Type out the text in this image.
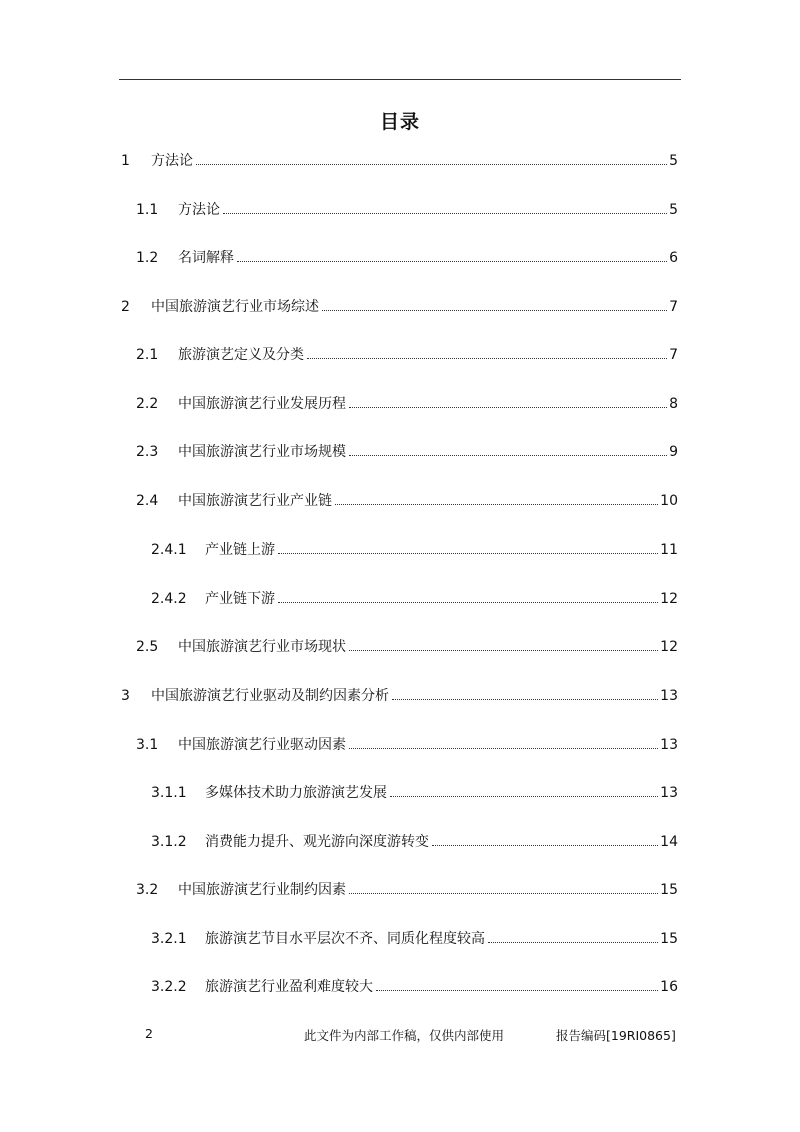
目录
1	方法论	5
1.1	方法论	5
1.2	名词解释	6
2	中国旅游演艺行业市场综述	7
2.1	旅游演艺定义及分类	7
2.2	中国旅游演艺行业发展历程	8
2.3	中国旅游演艺行业市场规模	9
2.4	中国旅游演艺行业产业链	10
2.4.1	产业链上游	11
2.4.2	产业链下游	12
2.5	中国旅游演艺行业市场现状	12
3	中国旅游演艺行业驱动及制约因素分析	13
3.1	中国旅游演艺行业驱动因素	13
3.1.1	多媒体技术助力旅游演艺发展	13
3.1.2	消费能力提升、观光游向深度游转变	14
3.2	中国旅游演艺行业制约因素	15
3.2.1	旅游演艺节目水平层次不齐、同质化程度较高	15
3.2.2	旅游演艺行业盈利难度较大	16
2	此文件为内部工作稿，仅供内部使用	报告编码[19RI0865]
